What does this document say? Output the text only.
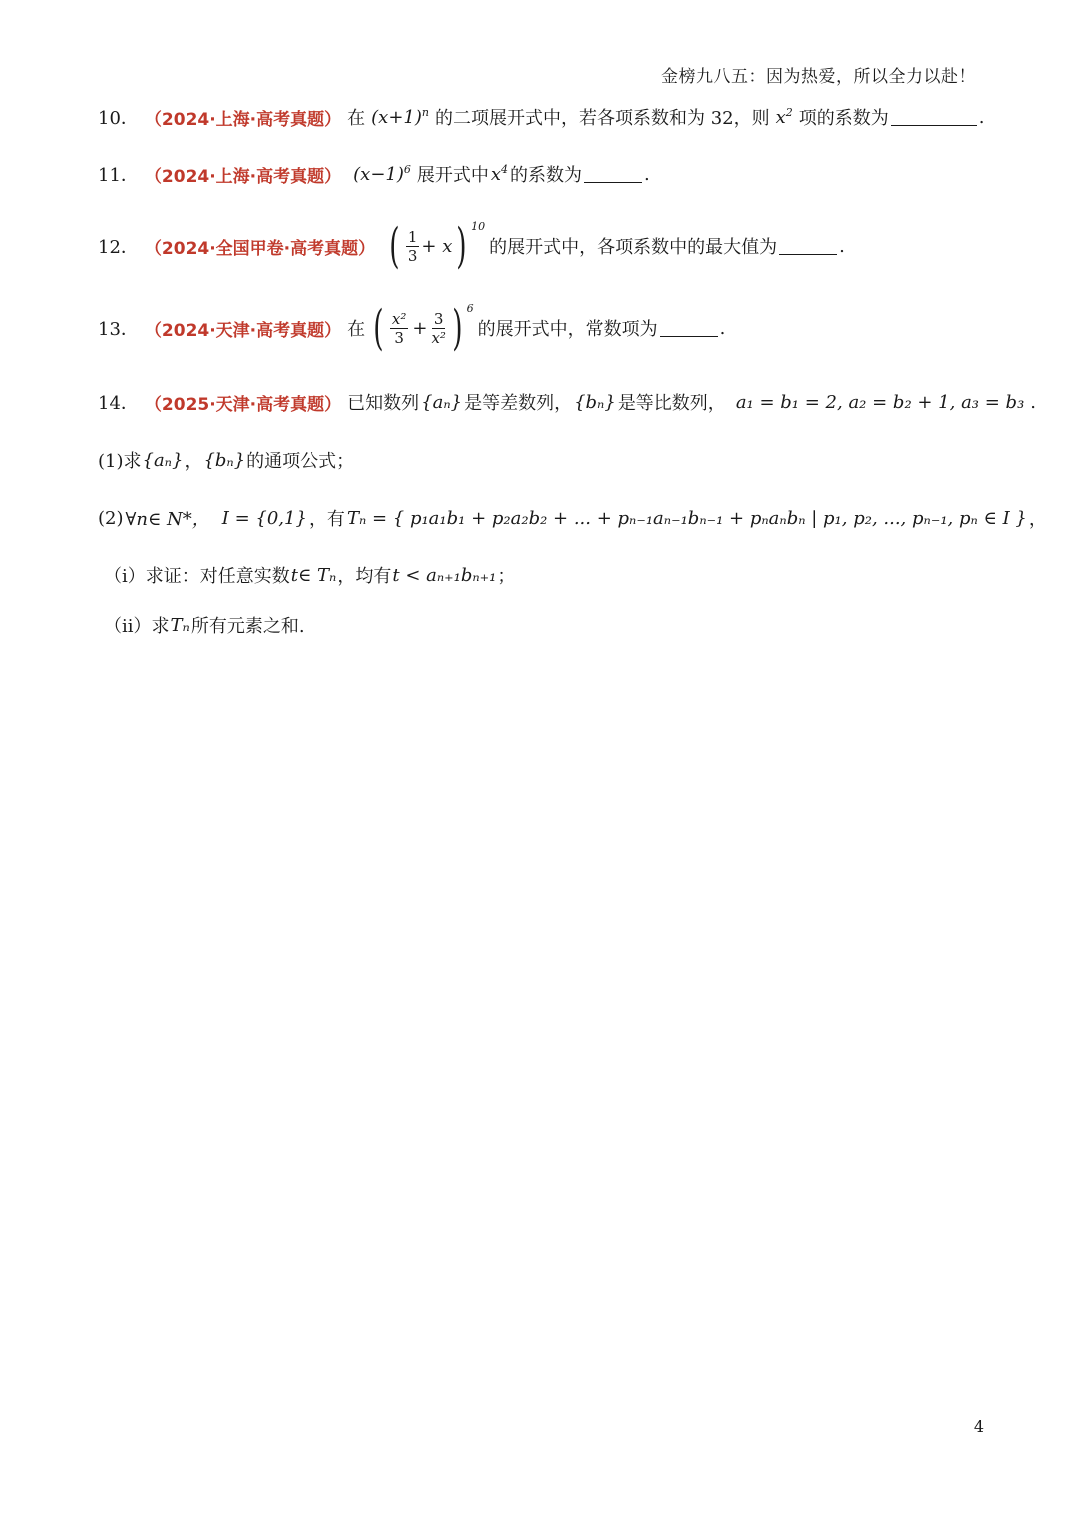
金榜九八五：因为热爱，所以全力以赴！
10． （2024·上海·高考真题） 在 $(x+1)^n$ 的二项展开式中，若各项系数和为 32，则 $x^2$ 项的系数为	.
11． （2024·上海·高考真题） $(x-1)^6$ 展开式中 $x^4$ 的系数为	.
12． （2024·全国甲卷·高考真题） ( $\frac{1}{3} + x$ ) $^{10}$
的展开式中，各项系数中的最大值为	.
13． （2024·天津·高考真题） 在 ( $\frac{\text{x²}}{3} + \frac{3}{\text{x²}}$ ) $^6$
的展开式中，常数项为	.
14． （2025·天津·高考真题） 已知数列 {aₙ} 是等差数列， {bₙ} 是等比数列， a₁ = b₁ = 2, a₂ = b₂ + 1, a₃ = b₃ .
(1)求 {aₙ} ， {bₙ} 的通项公式；
(2) ∀n∈ N*， I = {0,1} ，有 Tₙ = { p₁a₁b₁ + p₂a₂b₂ + ... + pₙ₋₁aₙ₋₁bₙ₋₁ + pₙaₙbₙ | p₁, p₂, ..., pₙ₋₁, pₙ ∈ I } ，
（i）求证：对任意实数 t∈ Tₙ ，均有 t < aₙ₊₁bₙ₊₁ ；
（ii）求 Tₙ 所有元素之和.
4
